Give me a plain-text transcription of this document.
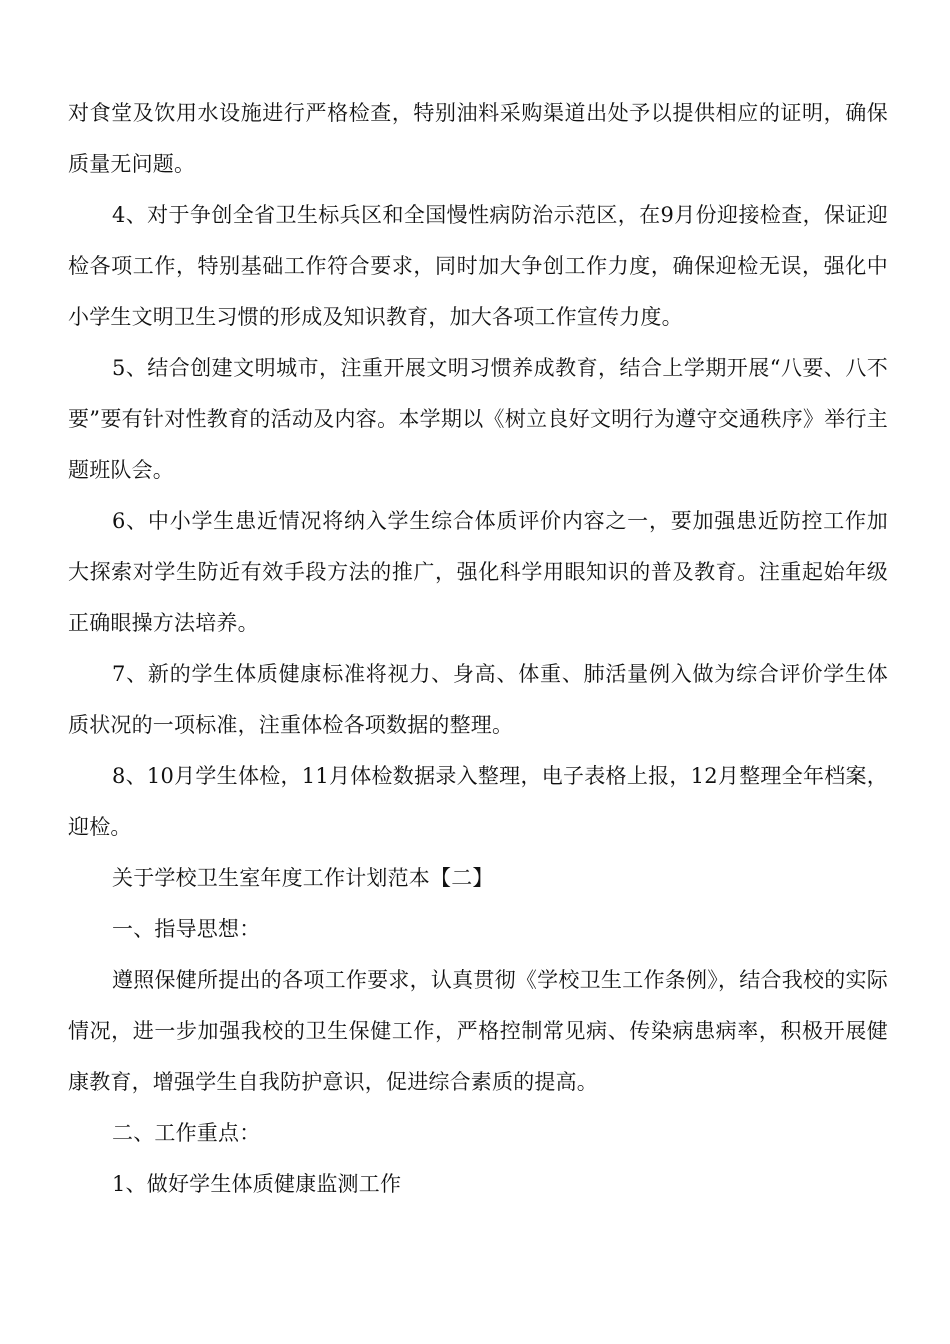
对食堂及饮用水设施进行严格检查，特别油料采购渠道出处予以提供相应的证明，确保质量无问题。

4、对于争创全省卫生标兵区和全国慢性病防治示范区，在9月份迎接检查，保证迎检各项工作，特别基础工作符合要求，同时加大争创工作力度，确保迎检无误，强化中小学生文明卫生习惯的形成及知识教育，加大各项工作宣传力度。

5、结合创建文明城市，注重开展文明习惯养成教育，结合上学期开展“八要、八不要”要有针对性教育的活动及内容。本学期以《树立良好文明行为遵守交通秩序》举行主题班队会。

6、中小学生患近情况将纳入学生综合体质评价内容之一，要加强患近防控工作加大探索对学生防近有效手段方法的推广，强化科学用眼知识的普及教育。注重起始年级正确眼操方法培养。

7、新的学生体质健康标准将视力、身高、体重、肺活量例入做为综合评价学生体质状况的一项标准，注重体检各项数据的整理。

8、10月学生体检，11月体检数据录入整理，电子表格上报，12月整理全年档案，迎检。

关于学校卫生室年度工作计划范本【二】

一、指导思想：

遵照保健所提出的各项工作要求，认真贯彻《学校卫生工作条例》，结合我校的实际情况，进一步加强我校的卫生保健工作，严格控制常见病、传染病患病率，积极开展健康教育，增强学生自我防护意识，促进综合素质的提高。

二、工作重点：

1、做好学生体质健康监测工作
